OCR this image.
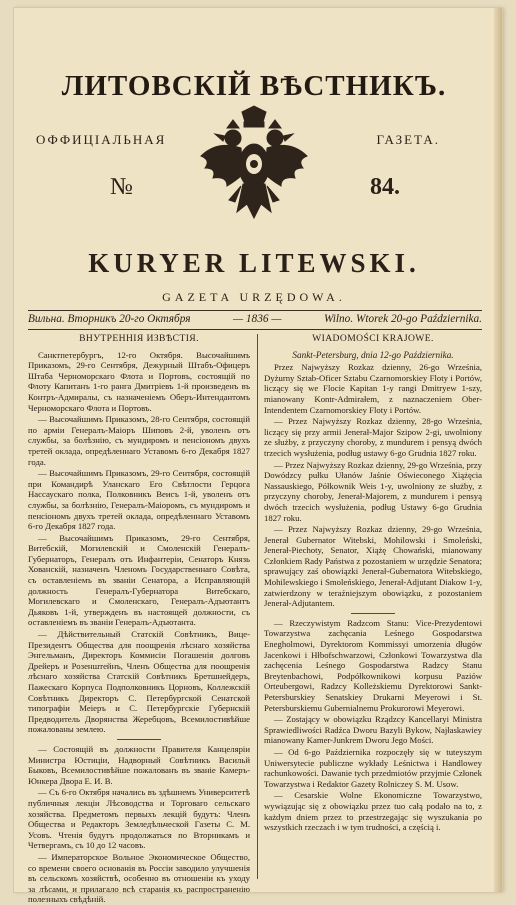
ЛИТОВСКІЙ ВѢСТНИКЪ.
ОФФИЦІАЛЬНАЯ	ГАЗЕТА.
№	84.
KURYER LITEWSKI.
GAZETA URZĘDOWA.
Вильна. Вторникъ 20-го Октября	— 1836 —	Wilno. Wtorek 20-go Października.
ВНУТРЕННІЯ ИЗВѢСТІЯ.

Санктпетербургъ, 12-го Октября. Высочайшимъ Приказомъ, 29-го Сентября, Дежурный Штабъ-Офицеръ Штаба Черноморскаго Флота и Портовъ, состоящій по Флоту Капитанъ 1-го ранга Дмитріевъ 1-й произведенъ въ Контръ-Адмиралы, съ назначеніемъ Оберъ-Интендантомъ Черноморскаго Флота и Портовъ.

— Высочайшимъ Приказомъ, 28-го Сентября, состоящій по арміи Генералъ-Маіоръ Шиповъ 2-й, уволенъ отъ службы, за болѣзнію, съ мундиромъ и пенсіономъ двухъ третей оклада, опредѣленнаго Уставомъ 6-го Декабря 1827 года.

— Высочайшимъ Приказомъ, 29-го Сентября, состоящій при Командирѣ Уланскаго Его Свѣтлости Герцога Нассаускаго полка, Полковникъ Веисъ 1-й, уволенъ отъ службы, за болѣзнію, Генералъ-Маіоромъ, съ мундиромъ и пенсіономъ двухъ третей оклада, опредѣленнаго Уставомъ 6-го Декабря 1827 года.

— Высочайшимъ Приказомъ, 29-го Сентября, Витебскій, Могилевскій и Смоленскій Генералъ-Губернаторъ, Генералъ отъ Инфантеріи, Сенаторъ Князь Хованскій, назначенъ Членомъ Государственнаго Совѣта, съ оставленіемъ въ званіи Сенатора, а Исправляющій должность Генералъ-Губернатора Витебскаго, Могилевскаго и Смоленскаго, Генералъ-Адъютантъ Дьяковъ 1-й, утвержденъ въ настоящей должности, съ оставленіемъ въ званіи Генералъ-Адъютанта.

— Дѣйствительный Статскій Совѣтникъ, Вице-Президентъ Общества для поощренія лѣснаго хозяйства Энгельманъ, Директоръ Коммисіи Погашенія долговъ Дрейеръ и Розенштейнъ, Членъ Общества для поощренія лѣснаго хозяйства Статскій Совѣтникъ Бретшнейдеръ, Пажескаго Корпуса Подполковникъ Цорновъ, Коллежскій Совѣтникъ Директоръ С. Петербургской Сенатской типографіи Меіеръ и С. Петербургскіе Губернскій Предводитель Дворянства Жеребцовъ, Всемилостивѣйше пожалованы землею.

— Состоящій въ должности Правителя Канцеляріи Министра Юстиціи, Надворный Совѣтникъ Васильй Быковъ, Всемилостивѣйше пожалованъ въ званіе Камеръ-Юнкера Двора Е. И. В.

— Съ 6-го Октября начались въ здѣшнемъ Университетѣ публичныя лекціи Лѣсоводства и Торговаго сельскаго хозяйства. Предметомъ первыхъ лекцій будутъ: Членъ Общества и Редакторъ Земледѣльческой Газеты С. М. Усовъ. Чтенія будутъ продолжаться по Вторникамъ и Четвергамъ, съ 10 до 12 часовъ.

— Императорское Вольное Экономическое Общество, со времени своего основанія въ Россіи заводило улучшенія въ сельскомъ хозяйствѣ, особенно въ отношеніи къ уходу за лѣсами, и прилагало всѣ старанія къ распространенію полезныхъ свѣдѣній.

WIADOMOŚCI KRAJOWE.
Sankt-Petersburg, dnia 12-go Października.

Przez Najwyższy Rozkaz dzienny, 26-go Września, Dyżurny Sztab-Oficer Sztabu Czarnomorskiey Floty i Portów, liczący się we Flocie Kapitan 1-y rangi Dmitryew 1-szy, mianowany Kontr-Admirałem, z naznaczeniem Ober-Intendentem Czarnomorskiey Floty i Portów.

— Przez Najwyższy Rozkaz dzienny, 28-go Września, liczący się przy armii Jenerał-Major Szipow 2-gi, uwolniony ze służby, z przyczyny choroby, z mundurem i pensyą dwóch trzecich wysłużenia, podług ustawy 6-go Grudnia 1827 roku.

— Przez Najwyższy Rozkaz dzienny, 29-go Września, przy Dowódzcy pułku Ułanów Jaśnie Oświeconego Xiążęcia Nassauskiego, Półkownik Weis 1-y, uwolniony ze służby, z przyczyny choroby, Jenerał-Majorem, z mundurem i pensyą dwóch trzecich wysłużenia, podług Ustawy 6-go Grudnia 1827 roku.

— Przez Najwyższy Rozkaz dzienny, 29-go Września, Jenerał Gubernator Witebski, Mohilowski i Smoleński, Jenerał-Piechoty, Senator, Xiążę Chowański, mianowany Członkiem Rady Państwa z pozostaniem w urzędzie Senatora; sprawujący zaś obowiązki Jenerał-Gubernatora Witebskiego, Mohilewskiego i Smoleńskiego, Jenerał-Adjutant Diakow 1-y, zatwierdzony w teraźniejszym obowiązku, z pozostaniem Jenerał-Adjutantem.

— Rzeczywistym Radzcom Stanu: Vice-Prezydentowi Towarzystwa zachęcania Leśnego Gospodarstwa Enegholmowi, Dyrektorom Kommissyi umorzenia długów Jacenkowi i Hłbofschwarzowi, Członkowi Towarzystwa dla zachęcenia Leśnego Gospodarstwa Radzcy Stanu Breytenbachowi, Podpółkownikowi korpusu Paziów Orteubergowi, Radzcy Kolleżskiemu Dyrektorowi Sankt-Petersburskiey Senatskiey Drukarni Meyerowi i St. Petersburskiemu Gubernialnemu Prokurorowi Meyerowi.

— Zostający w obowiązku Rządzcy Kancellaryi Ministra Sprawiedliwości Radźca Dworu Bazyli Bykow, Najłaskawiey mianowany Kamer-Junkrem Dworu Jego Mości.

— Od 6-go Października rozpoczęły się w tuteyszym Uniwersytecie publiczne wykłady Leśnictwa i Handlowey rachunkowości. Dawanie tych przedmiotów przyjmie Członek Towarzystwa i Redaktor Gazety Rolniczey S. M. Usow.

— Cesarskie Wolne Ekonomiczne Towarzystwo, wywiązując się z obowiązku przez tuo całą podało na to, z każdym dniem przez to przestrzegając się wyszukania po wszystkich rzeczach i w tym trudności, a częścią i.
